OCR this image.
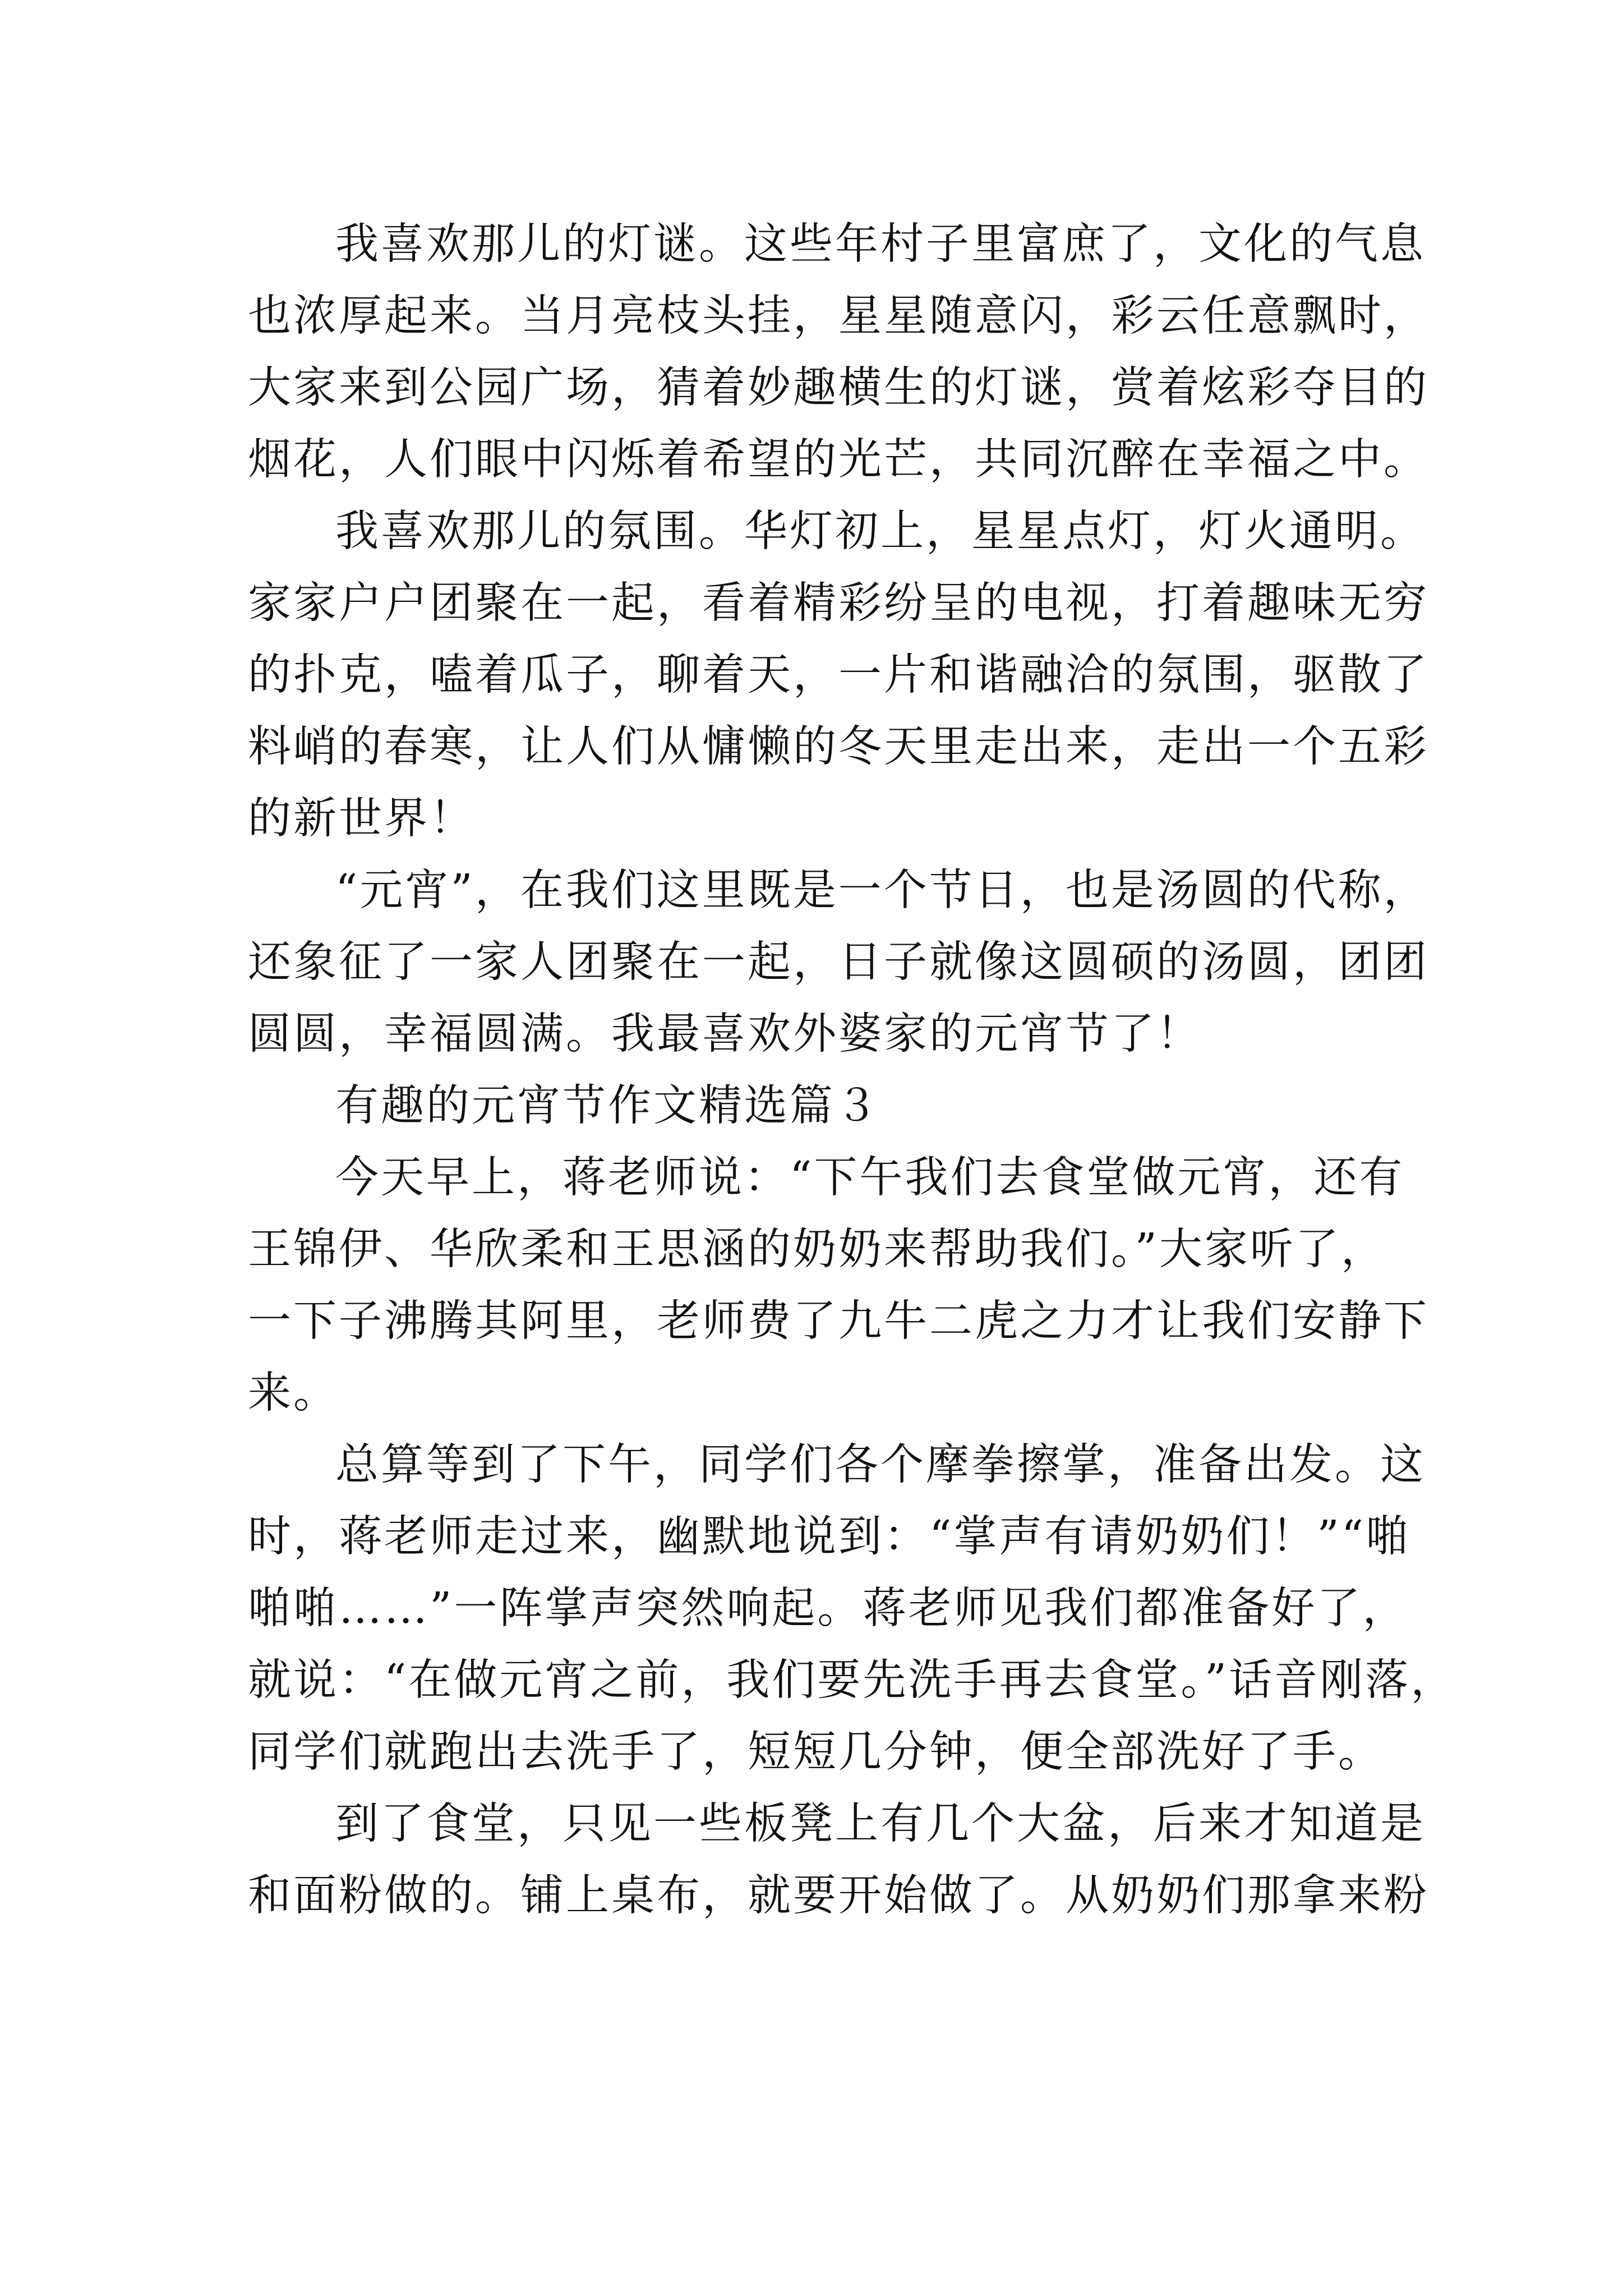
我喜欢那儿的灯谜。这些年村子里富庶了，文化的气息
也浓厚起来。当月亮枝头挂，星星随意闪，彩云任意飘时，
大家来到公园广场，猜着妙趣横生的灯谜，赏着炫彩夺目的
烟花，人们眼中闪烁着希望的光芒，共同沉醉在幸福之中。
我喜欢那儿的氛围。华灯初上，星星点灯，灯火通明。
家家户户团聚在一起，看着精彩纷呈的电视，打着趣味无穷
的扑克，嗑着瓜子，聊着天，一片和谐融洽的氛围，驱散了
料峭的春寒，让人们从慵懒的冬天里走出来，走出一个五彩
的新世界！
“元宵”，在我们这里既是一个节日，也是汤圆的代称，
还象征了一家人团聚在一起，日子就像这圆硕的汤圆，团团
圆圆，幸福圆满。我最喜欢外婆家的元宵节了！
有趣的元宵节作文精选篇３
今天早上，蒋老师说：“下午我们去食堂做元宵，还有
王锦伊、华欣柔和王思涵的奶奶来帮助我们。”大家听了，
一下子沸腾其阿里，老师费了九牛二虎之力才让我们安静下
来。
总算等到了下午，同学们各个摩拳擦掌，准备出发。这
时，蒋老师走过来，幽默地说到：“掌声有请奶奶们！”“啪
啪啪……”一阵掌声突然响起。蒋老师见我们都准备好了，
就说：“在做元宵之前，我们要先洗手再去食堂。”话音刚落，
同学们就跑出去洗手了，短短几分钟，便全部洗好了手。
到了食堂，只见一些板凳上有几个大盆，后来才知道是
和面粉做的。铺上桌布，就要开始做了。从奶奶们那拿来粉
